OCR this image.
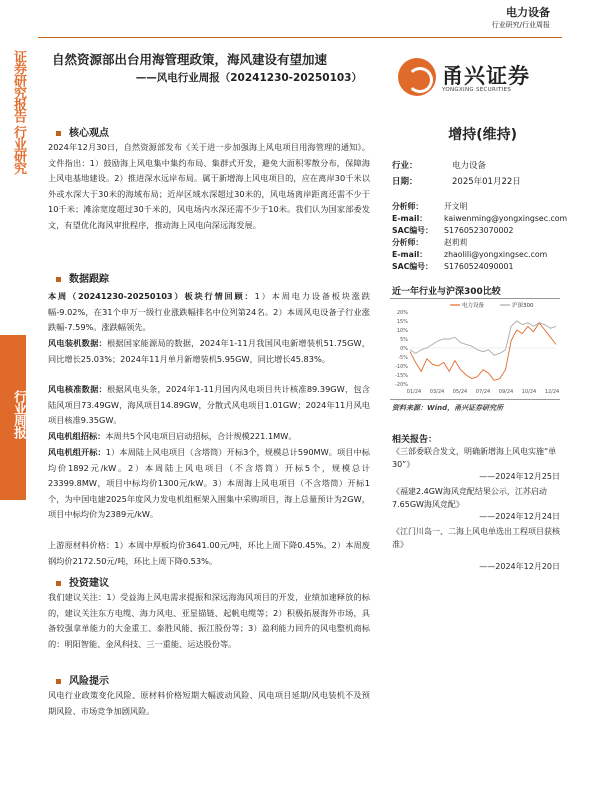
电力设备
行业研究/行业周报
证券研究报告 行业研究
行业周报
自然资源部出台用海管理政策，海风建设有望加速
——风电行业周报（20241230-20250103）	甬兴证券
YONGXING SECURITIES
核心观点
2024年12月30日，自然资源部发布《关于进一步加强海上风电项目用海管理的通知》。文件指出：1）鼓励海上风电集中集约布局、集群式开发，避免大面积零散分布，保障海上风电基地建设。2）推进深水远岸布局。属于新增海上风电项目的，应在离岸30千米以外或水深大于30米的海域布局；近岸区域水深超过30米的，风电场离岸距离还需不少于10千米；滩涂宽度超过30千米的，风电场内水深还需不少于10米。我们认为国家部委发文，有望优化海风审批程序，推动海上风电向深远海发展。
数据跟踪
本周（20241230-20250103）板块行情回顾：1）本周电力设备板块涨跌幅-9.02%，在31个申万一级行业涨跌幅排名中位列第24名。2）本周风电设备子行业涨跌幅-7.59%。涨跌幅领先。
风电装机数据：根据国家能源局的数据，2024年1-11月我国风电新增装机51.75GW，同比增长25.03%；2024年11月单月新增装机5.95GW，同比增长45.83%。
风电核准数据：根据风电头条，2024年1-11月国内风电项目共计核准89.39GW，包含陆风项目73.49GW，海风项目14.89GW，分散式风电项目1.01GW；2024年11月风电项目核准9.35GW。
风电机组招标：本周共5个风电项目启动招标，合计规模221.1MW。
风电机组开标：1）本周陆上风电项目（含塔筒）开标3个，规模总计590MW。项目中标均价1892元/kW。2）本周陆上风电项目（不含塔筒）开标5个，规模总计23399.8MW，项目中标均价1300元/kW。3）本周海上风电项目（不含塔筒）开标1个，为中国电建2025年度风力发电机组框架入围集中采购项目，海上总量预计为2GW，项目中标均价为2389元/kW。
上游原材料价格：1）本周中厚板均价3641.00元/吨，环比上周下降0.45%。2）本周废钢均价2172.50元/吨，环比上周下降0.53%。
投资建议
我们建议关注：1）受益海上风电需求提振和深远海海风项目的开发，业绩加速释放的标的，建议关注东方电缆、海力风电、亚星锚链、起帆电缆等；2）积极拓展海外市场，具备较强拿单能力的大金重工、泰胜风能、振江股份等；3）盈利能力回升的风电整机商标的：明阳智能、金风科技、三一重能、运达股份等。
风险提示
风电行业政策变化风险、原材料价格短期大幅波动风险、风电项目延期/风电装机不及预期风险、市场竞争加剧风险。
增持(维持)
行业：	电力设备
日期：	2025年01月22日
分析师：	开文明
E-mail： kaiwenming@yongxingsec.com
SAC编号： S1760523070002
分析师：	赵莉莉
E-mail： zhaolili@yongxingsec.com
SAC编号： S1760524090001
近一年行业与沪深300比较
20%
15%
10%
5%
0%
-5%
-10%
-15%
-20%
01/24 03/24 05/24 07/24 09/24 10/24 12/24
电力设备	沪深300
资料来源：Wind，甬兴证券研究所
相关报告：
《三部委联合发文，明确新增海上风电实施“单30”》
——2024年12月25日
《福建2.4GW海风竞配结果公示，江苏启动7.65GW海风竞配》
——2024年12月24日
《江门川岛一、二海上风电单选出工程项目获核准》
——2024年12月20日
